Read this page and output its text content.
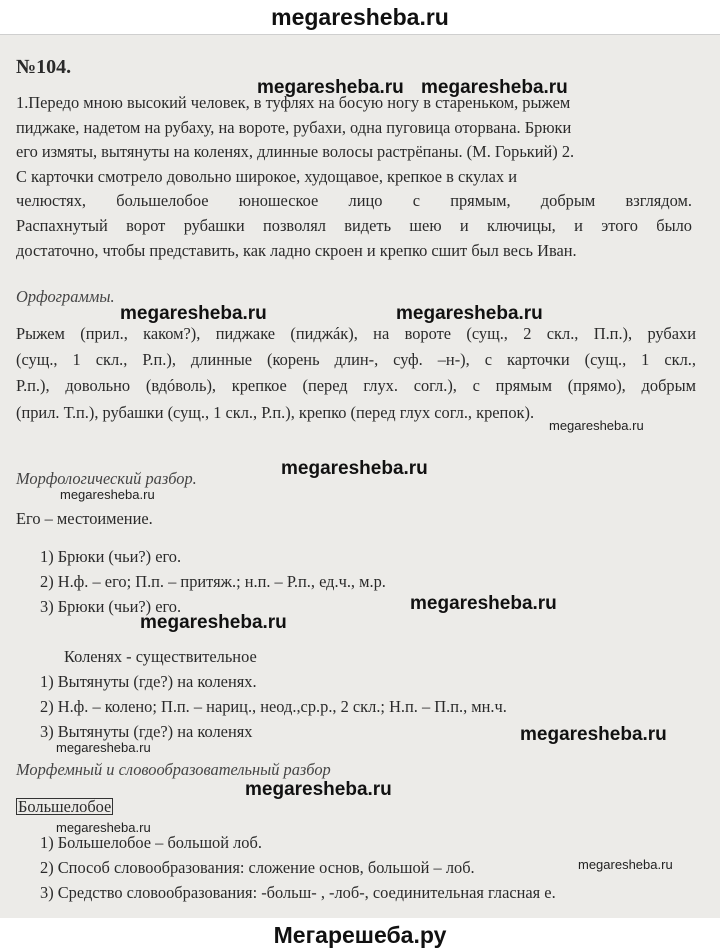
megaresheba.ru
megaresheba.ru megaresheba.ru
megaresheba.ru	megaresheba.ru
megaresheba.ru
megaresheba.ru
megaresheba.ru
megaresheba.ru
megaresheba.ru
megaresheba.ru
megaresheba.ru
megaresheba.ru
megaresheba.ru
megaresheba.ru
№104.
1.Передо мною высокий человек, в туфлях на босую ногу в стареньком, рыжем
пиджаке, надетом на рубаху, на вороте, рубахи, одна пуговица оторвана. Брюки
его измяты, вытянуты на коленях, длинные волосы растрёпаны. (М. Горький) 2.
С карточки смотрело довольно широкое, худощавое, крепкое в скулах и
челюстях, большелобое юношеское лицо с прямым, добрым взглядом.
Распахнутый ворот рубашки позволял видеть шею и ключицы, и этого было
достаточно, чтобы представить, как ладно скроен и крепко сшит был весь Иван.
Орфограммы.
Рыжем (прил., каком?), пиджаке (пиджáк), на вороте (сущ., 2 скл., П.п.), рубахи
(сущ., 1 скл., Р.п.), длинные (корень длин-, суф. –н-), с карточки (сущ., 1 скл.,
Р.п.), довольно (вдóволь), крепкое (перед глух. согл.), с прямым (прямо), добрым
(прил. Т.п.), рубашки (сущ., 1 скл., Р.п.), крепко (перед глух согл., крепок).
Морфологический разбор.
Его – местоимение.
1) Брюки (чьи?) его.
2) Н.ф. – его; П.п. – притяж.; н.п. – Р.п., ед.ч., м.р.
3) Брюки (чьи?) его.
Коленях - существительное
1) Вытянуты (где?) на коленях.
2) Н.ф. – колено; П.п. – нариц., неод.,ср.р., 2 скл.; Н.п. – П.п., мн.ч.
3) Вытянуты (где?) на коленях
Морфемный и словообразовательный разбор
Большелобое
1) Большелобое – большой лоб.
2) Способ словообразования: сложение основ, большой – лоб.
3) Средство словообразования: -больш- , -лоб-, соединительная гласная е.
Мегарешеба.ру
